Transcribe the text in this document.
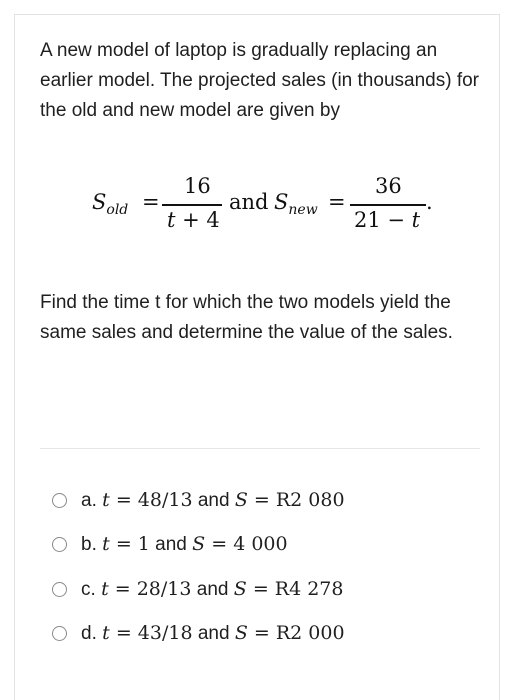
A new model of laptop is gradually replacing an earlier model. The projected sales (in thousands) for the old and new model are given by

$S_{old}$ =
16
t + 4
and $S_{new}$ =
36
21 − t
.

Find the time t for which the two models yield the same sales and determine the value of the sales.

a. t = 48/13 and S = R2 080
b. t = 1 and S = 4 000
c. t = 28/13 and S = R4 278
d. t = 43/18 and S = R2 000
